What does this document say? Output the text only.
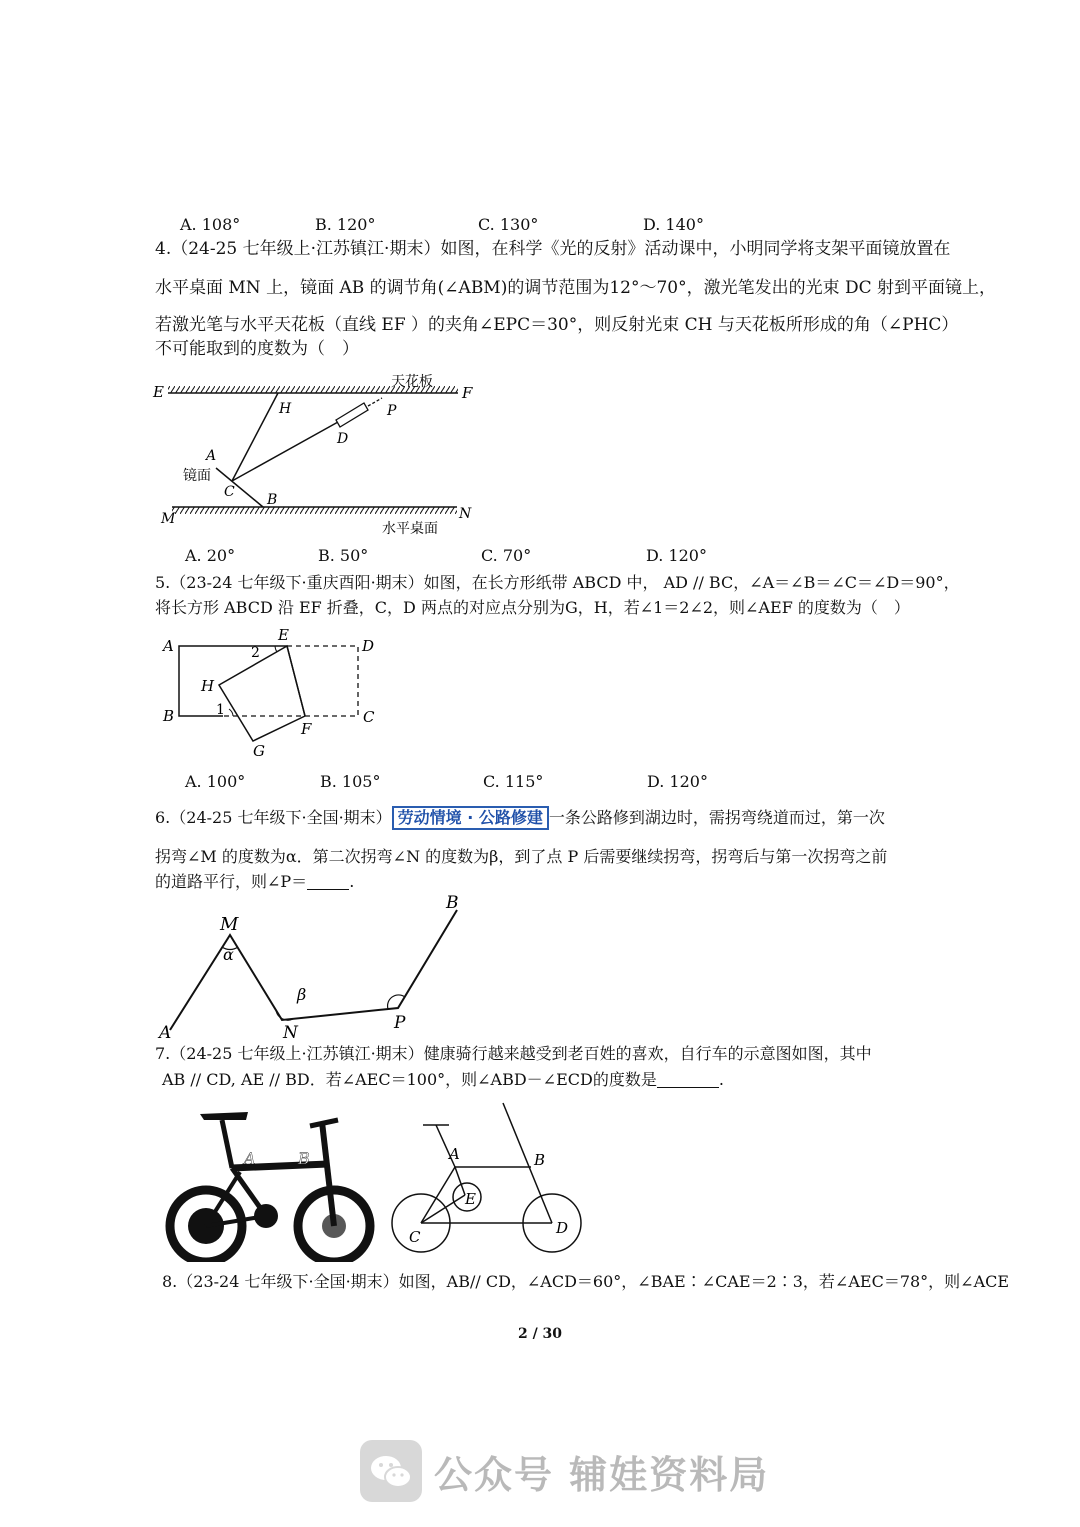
A. 108°	B. 120°	C. 130°	D. 140°
4.（24-25 七年级上·江苏镇江·期末）如图，在科学《光的反射》活动课中，小明同学将支架平面镜放置在
水平桌面 MN 上，镜面 AB 的调节角(∠ABM)的调节范围为12°～70°，激光笔发出的光束 DC 射到平面镜上，
若激光笔与水平天花板（直线 EF ）的夹角∠EPC＝30°，则反射光束 CH 与天花板所形成的角（∠PHC）
不可能取到的度数为（　）
E	F
天花板
H	P
D
A
镜面
C B
M	N
水平桌面
A. 20°	B. 50°	C. 70°	D. 120°
5.（23-24 七年级下·重庆酉阳·期末）如图，在长方形纸带 ABCD 中， AD // BC，∠A＝∠B＝∠C＝∠D＝90°，
将长方形 ABCD 沿 EF 折叠，C，D 两点的对应点分别为G，H，若∠1＝2∠2，则∠AEF 的度数为（　）
A
E
D
2
H
1
B
F
C
G
A. 100°	B. 105°	C. 115°	D. 120°
6.（24-25 七年级下·全国·期末） 劳动情境 · 公路修建 一条公路修到湖边时，需拐弯绕道而过，第一次
拐弯∠M 的度数为α．第二次拐弯∠N 的度数为β，到了点 P 后需要继续拐弯，拐弯后与第一次拐弯之前
的道路平行，则∠P＝	.
M
α
β
A	N	P
B
7.（24-25 七年级上·江苏镇江·期末）健康骑行越来越受到老百姓的喜欢，自行车的示意图如图，其中
AB // CD, AE // BD．若∠AEC＝100°，则∠ABD－∠ECD的度数是	.
A	B	A	B
E
C	D
8.（23-24 七年级下·全国·期末）如图，AB// CD，∠ACD＝60°，∠BAE∶∠CAE＝2∶3，若∠AEC＝78°，则∠ACE
2 / 30
公众号 辅娃资料局
